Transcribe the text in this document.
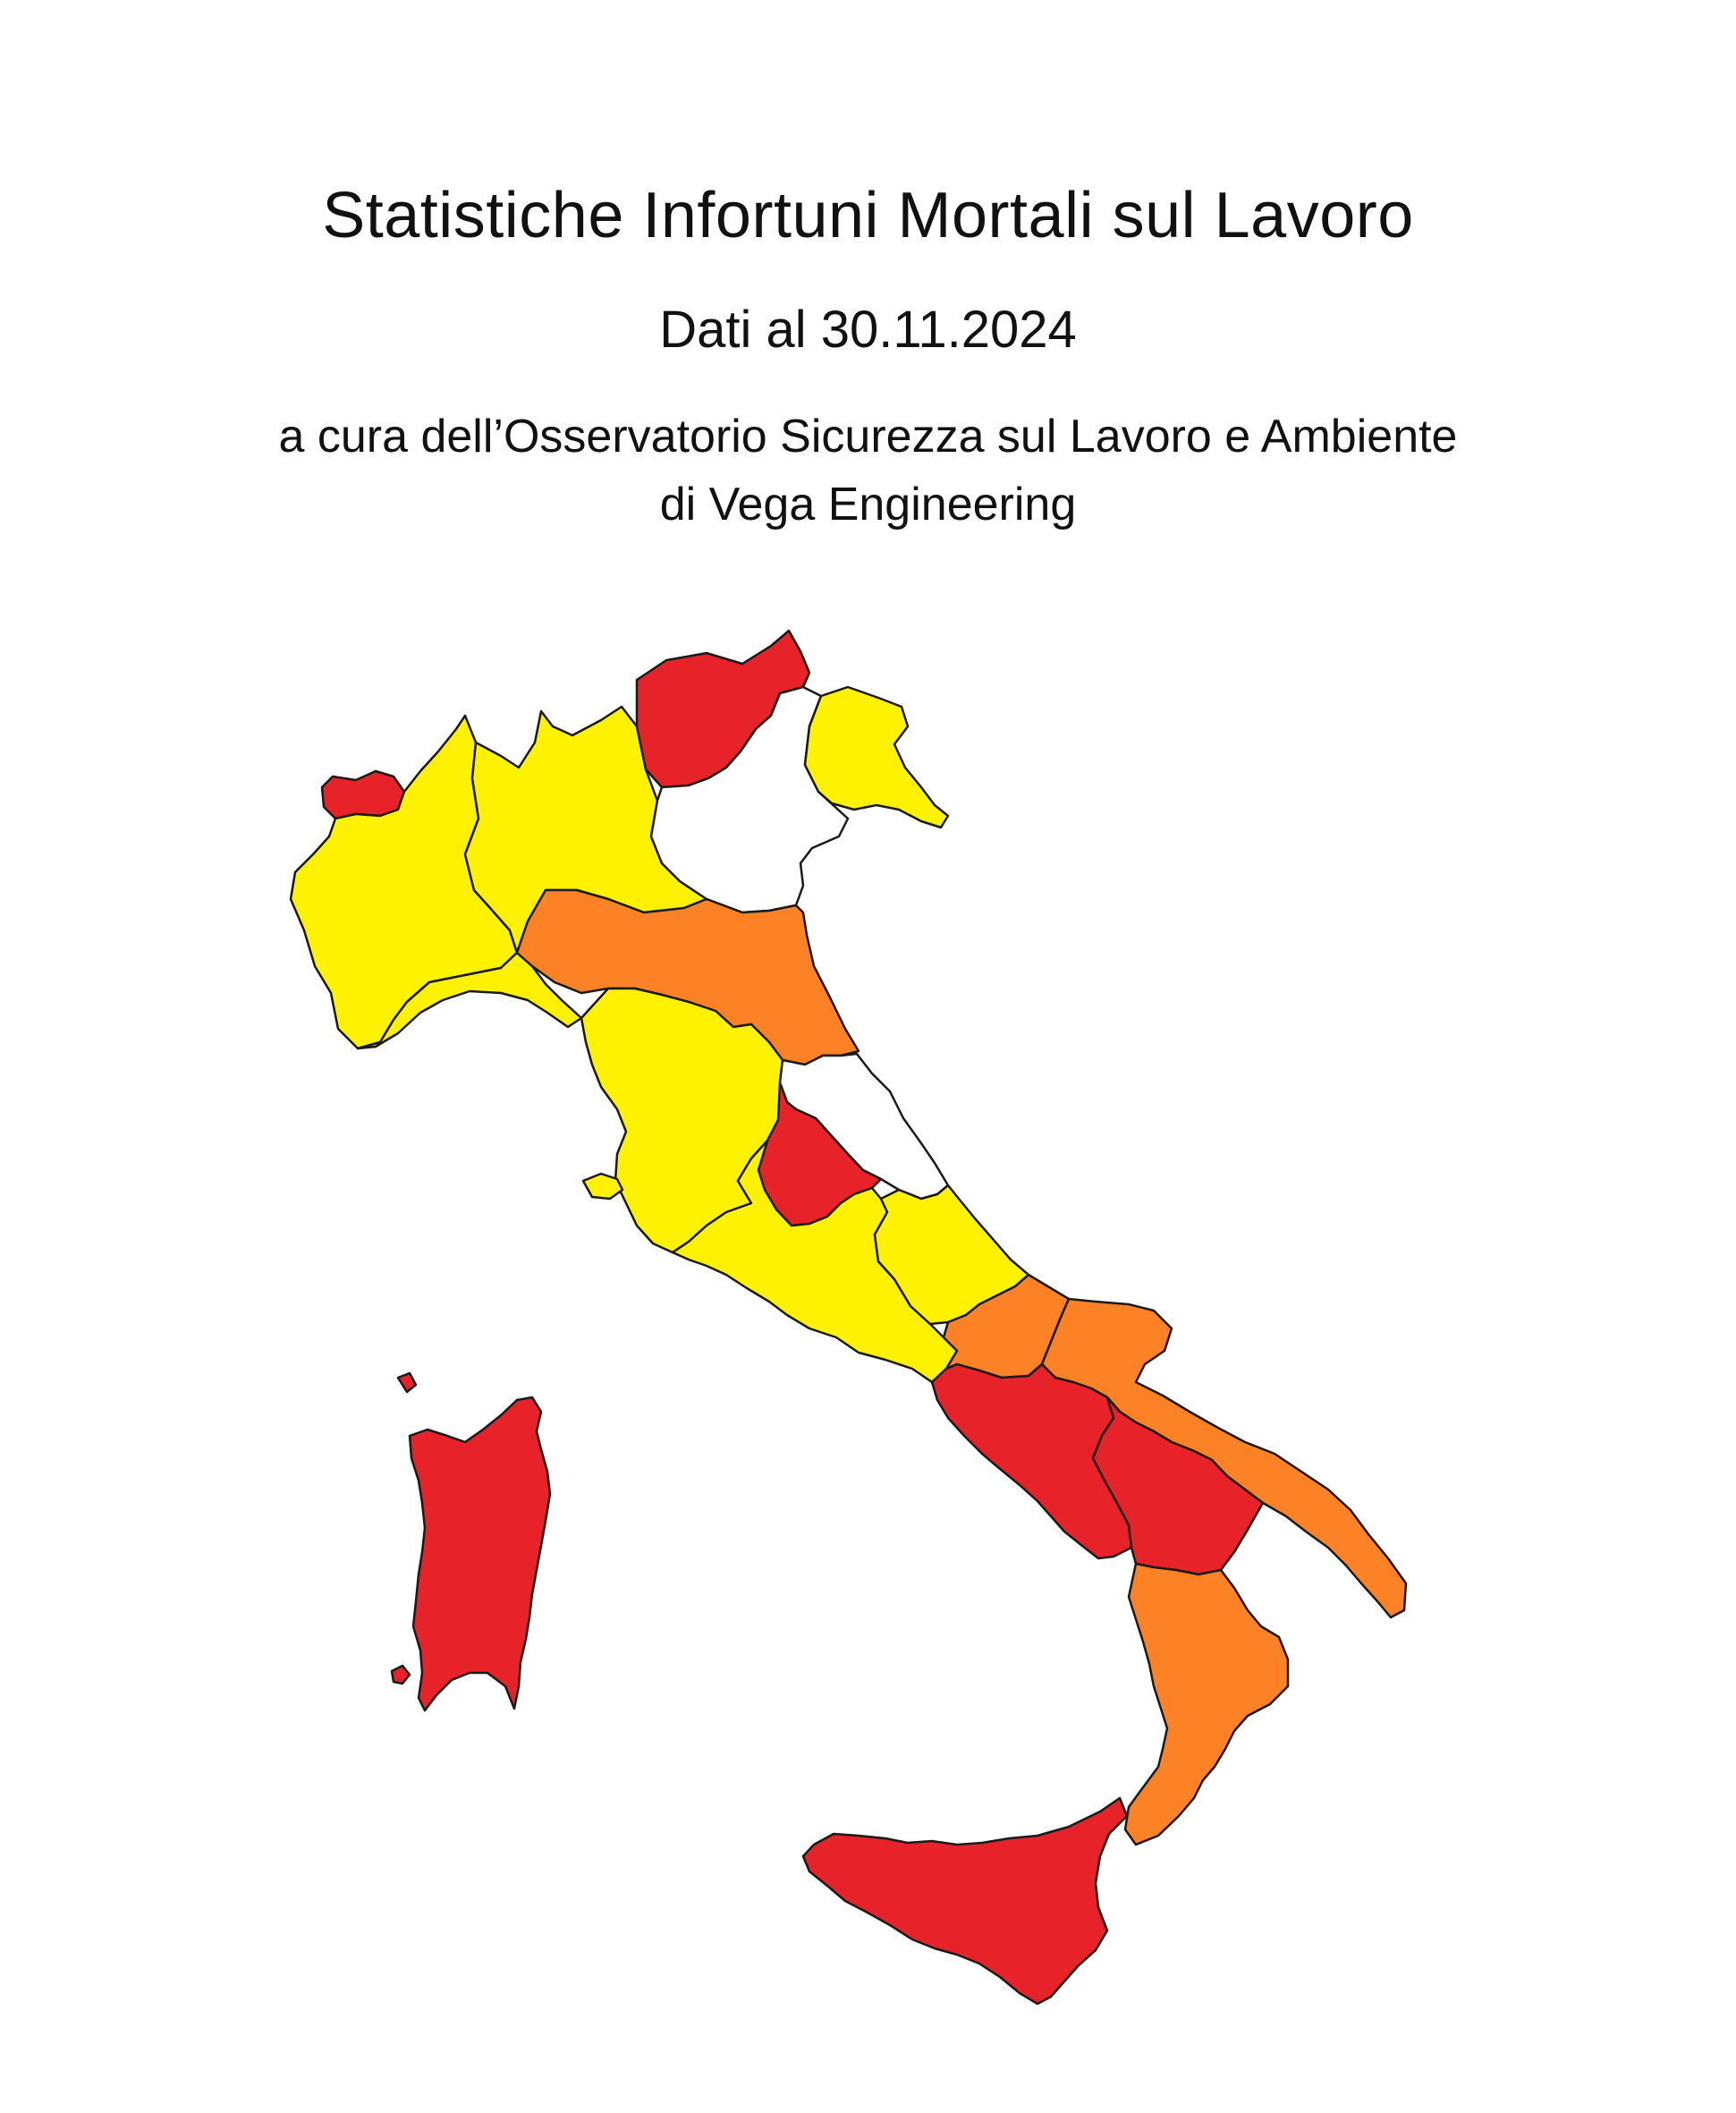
Statistiche Infortuni Mortali sul Lavoro
Dati al 30.11.2024
a cura dell’Osservatorio Sicurezza sul Lavoro e Ambiente
di Vega Engineering
